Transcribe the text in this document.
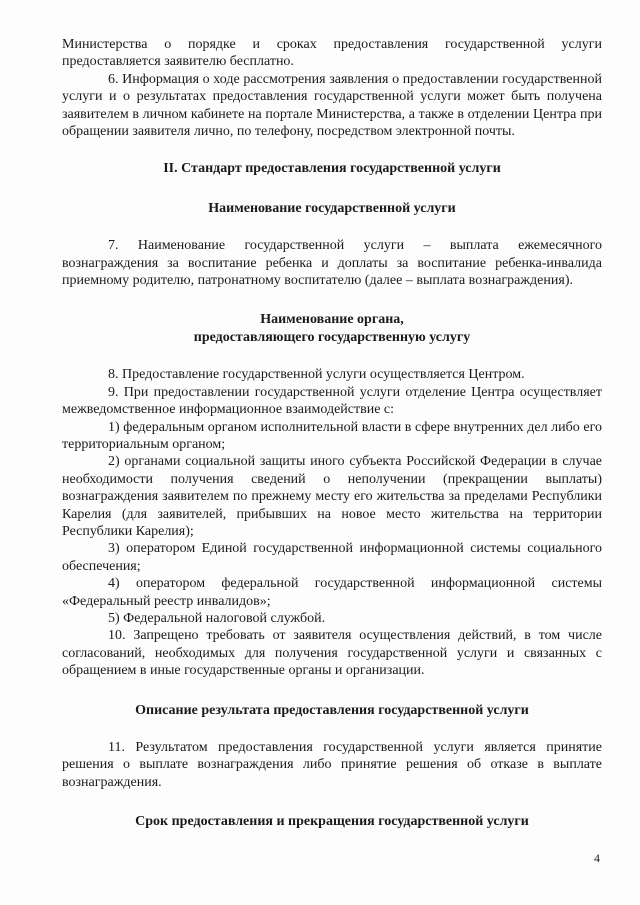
Министерства о порядке и сроках предоставления государственной услуги предоставляется заявителю бесплатно.

6. Информация о ходе рассмотрения заявления о предоставлении государственной услуги и о результатах предоставления государственной услуги может быть получена заявителем в личном кабинете на портале Министерства, а также в отделении Центра при обращении заявителя лично, по телефону, посредством электронной почты.

II. Стандарт предоставления государственной услуги
Наименование государственной услуги

7. Наименование государственной услуги – выплата ежемесячного вознаграждения за воспитание ребенка и доплаты за воспитание ребенка-инвалида приемному родителю, патронатному воспитателю (далее – выплата вознаграждения).

Наименование органа,
предоставляющего государственную услугу

8. Предоставление государственной услуги осуществляется Центром.

9. При предоставлении государственной услуги отделение Центра осуществляет межведомственное информационное взаимодействие с:

1) федеральным органом исполнительной власти в сфере внутренних дел либо его территориальным органом;

2) органами социальной защиты иного субъекта Российской Федерации в случае необходимости получения сведений о неполучении (прекращении выплаты) вознаграждения заявителем по прежнему месту его жительства за пределами Республики Карелия (для заявителей, прибывших на новое место жительства на территории Республики Карелия);

3) оператором Единой государственной информационной системы социального обеспечения;

4) оператором федеральной государственной информационной системы «Федеральный реестр инвалидов»;

5) Федеральной налоговой службой.

10. Запрещено требовать от заявителя осуществления действий, в том числе согласований, необходимых для получения государственной услуги и связанных с обращением в иные государственные органы и организации.

Описание результата предоставления государственной услуги

11. Результатом предоставления государственной услуги является принятие решения о выплате вознаграждения либо принятие решения об отказе в выплате вознаграждения.

Срок предоставления и прекращения государственной услуги
4
